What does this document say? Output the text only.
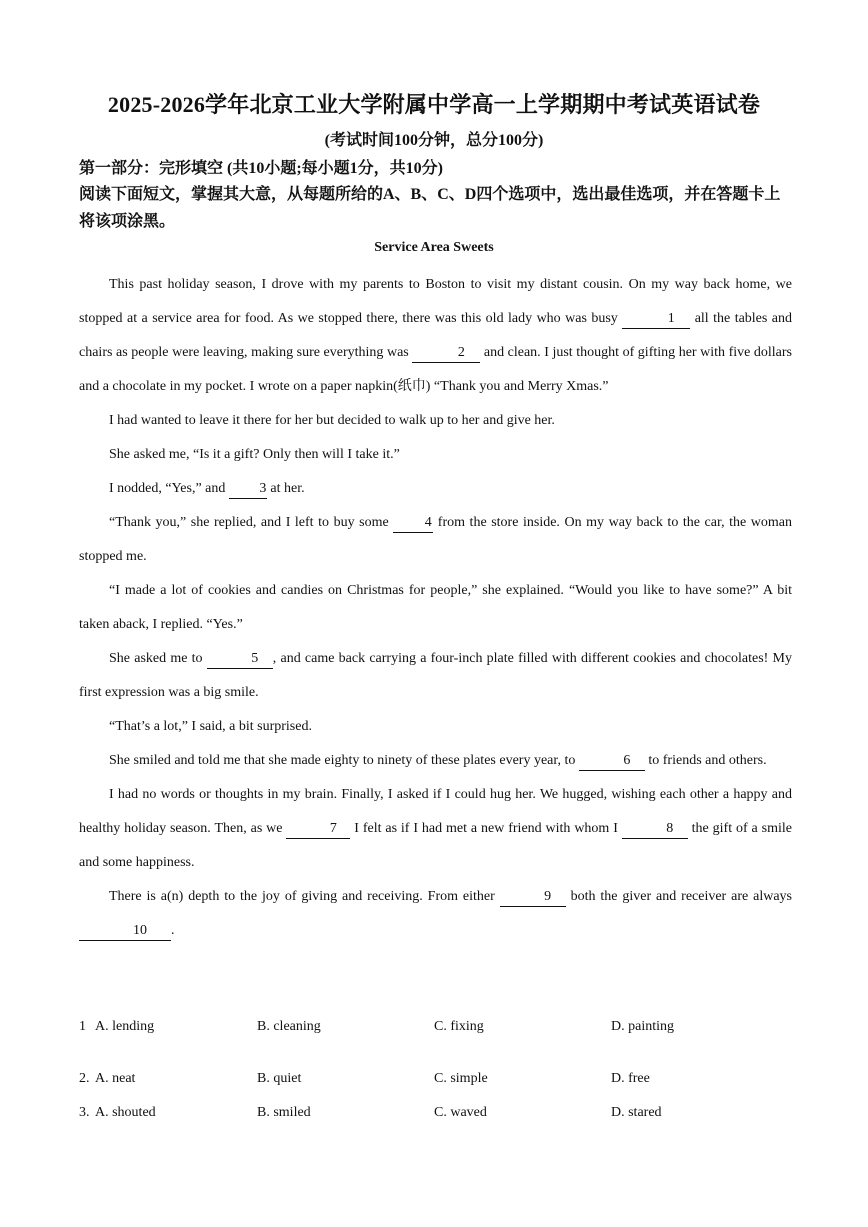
2025-2026学年北京工业大学附属中学高一上学期期中考试英语试卷
(考试时间100分钟，总分100分)
第一部分：完形填空 (共10小题;每小题1分，共10分)
阅读下面短文，掌握其大意，从每题所给的A、B、C、D四个选项中，选出最佳选项，并在答题卡上将该项涂黑。
Service Area Sweets

This past holiday season, I drove with my parents to Boston to visit my distant cousin. On my way back home, we stopped at a service area for food. As we stopped there, there was this old lady who was busy	1 all the tables and chairs as people were leaving, making sure everything was	2 and clean. I just thought of gifting her with five dollars and a chocolate in my pocket. I wrote on a paper napkin(纸巾) “Thank you and Merry Xmas.”

I had wanted to leave it there for her but decided to walk up to her and give her.

She asked me, “Is it a gift? Only then will I take it.”

I nodded, “Yes,” and 3 at her.

“Thank you,” she replied, and I left to buy some 4 from the store inside. On my way back to the car, the woman stopped me.

“I made a lot of cookies and candies on Christmas for people,” she explained. “Would you like to have some?” A bit taken aback, I replied. “Yes.”

She asked me to	5 , and came back carrying a four-inch plate filled with different cookies and chocolates! My first expression was a big smile.

“That’s a lot,” I said, a bit surprised.

She smiled and told me that she made eighty to ninety of these plates every year, to	6 to friends and others.

I had no words or thoughts in my brain. Finally, I asked if I could hug her. We hugged, wishing each other a happy and healthy holiday season. Then, as we	7 I felt as if I had met a new friend with whom I	8 the gift of a smile and some happiness.

There is a(n) depth to the joy of giving and receiving. From either	9 both the giver and receiver are always 10 .

1 A. lending	B. cleaning	C. fixing	D. painting
2. A. neat	B. quiet	C. simple	D. free
3. A. shouted	B. smiled	C. waved	D. stared
